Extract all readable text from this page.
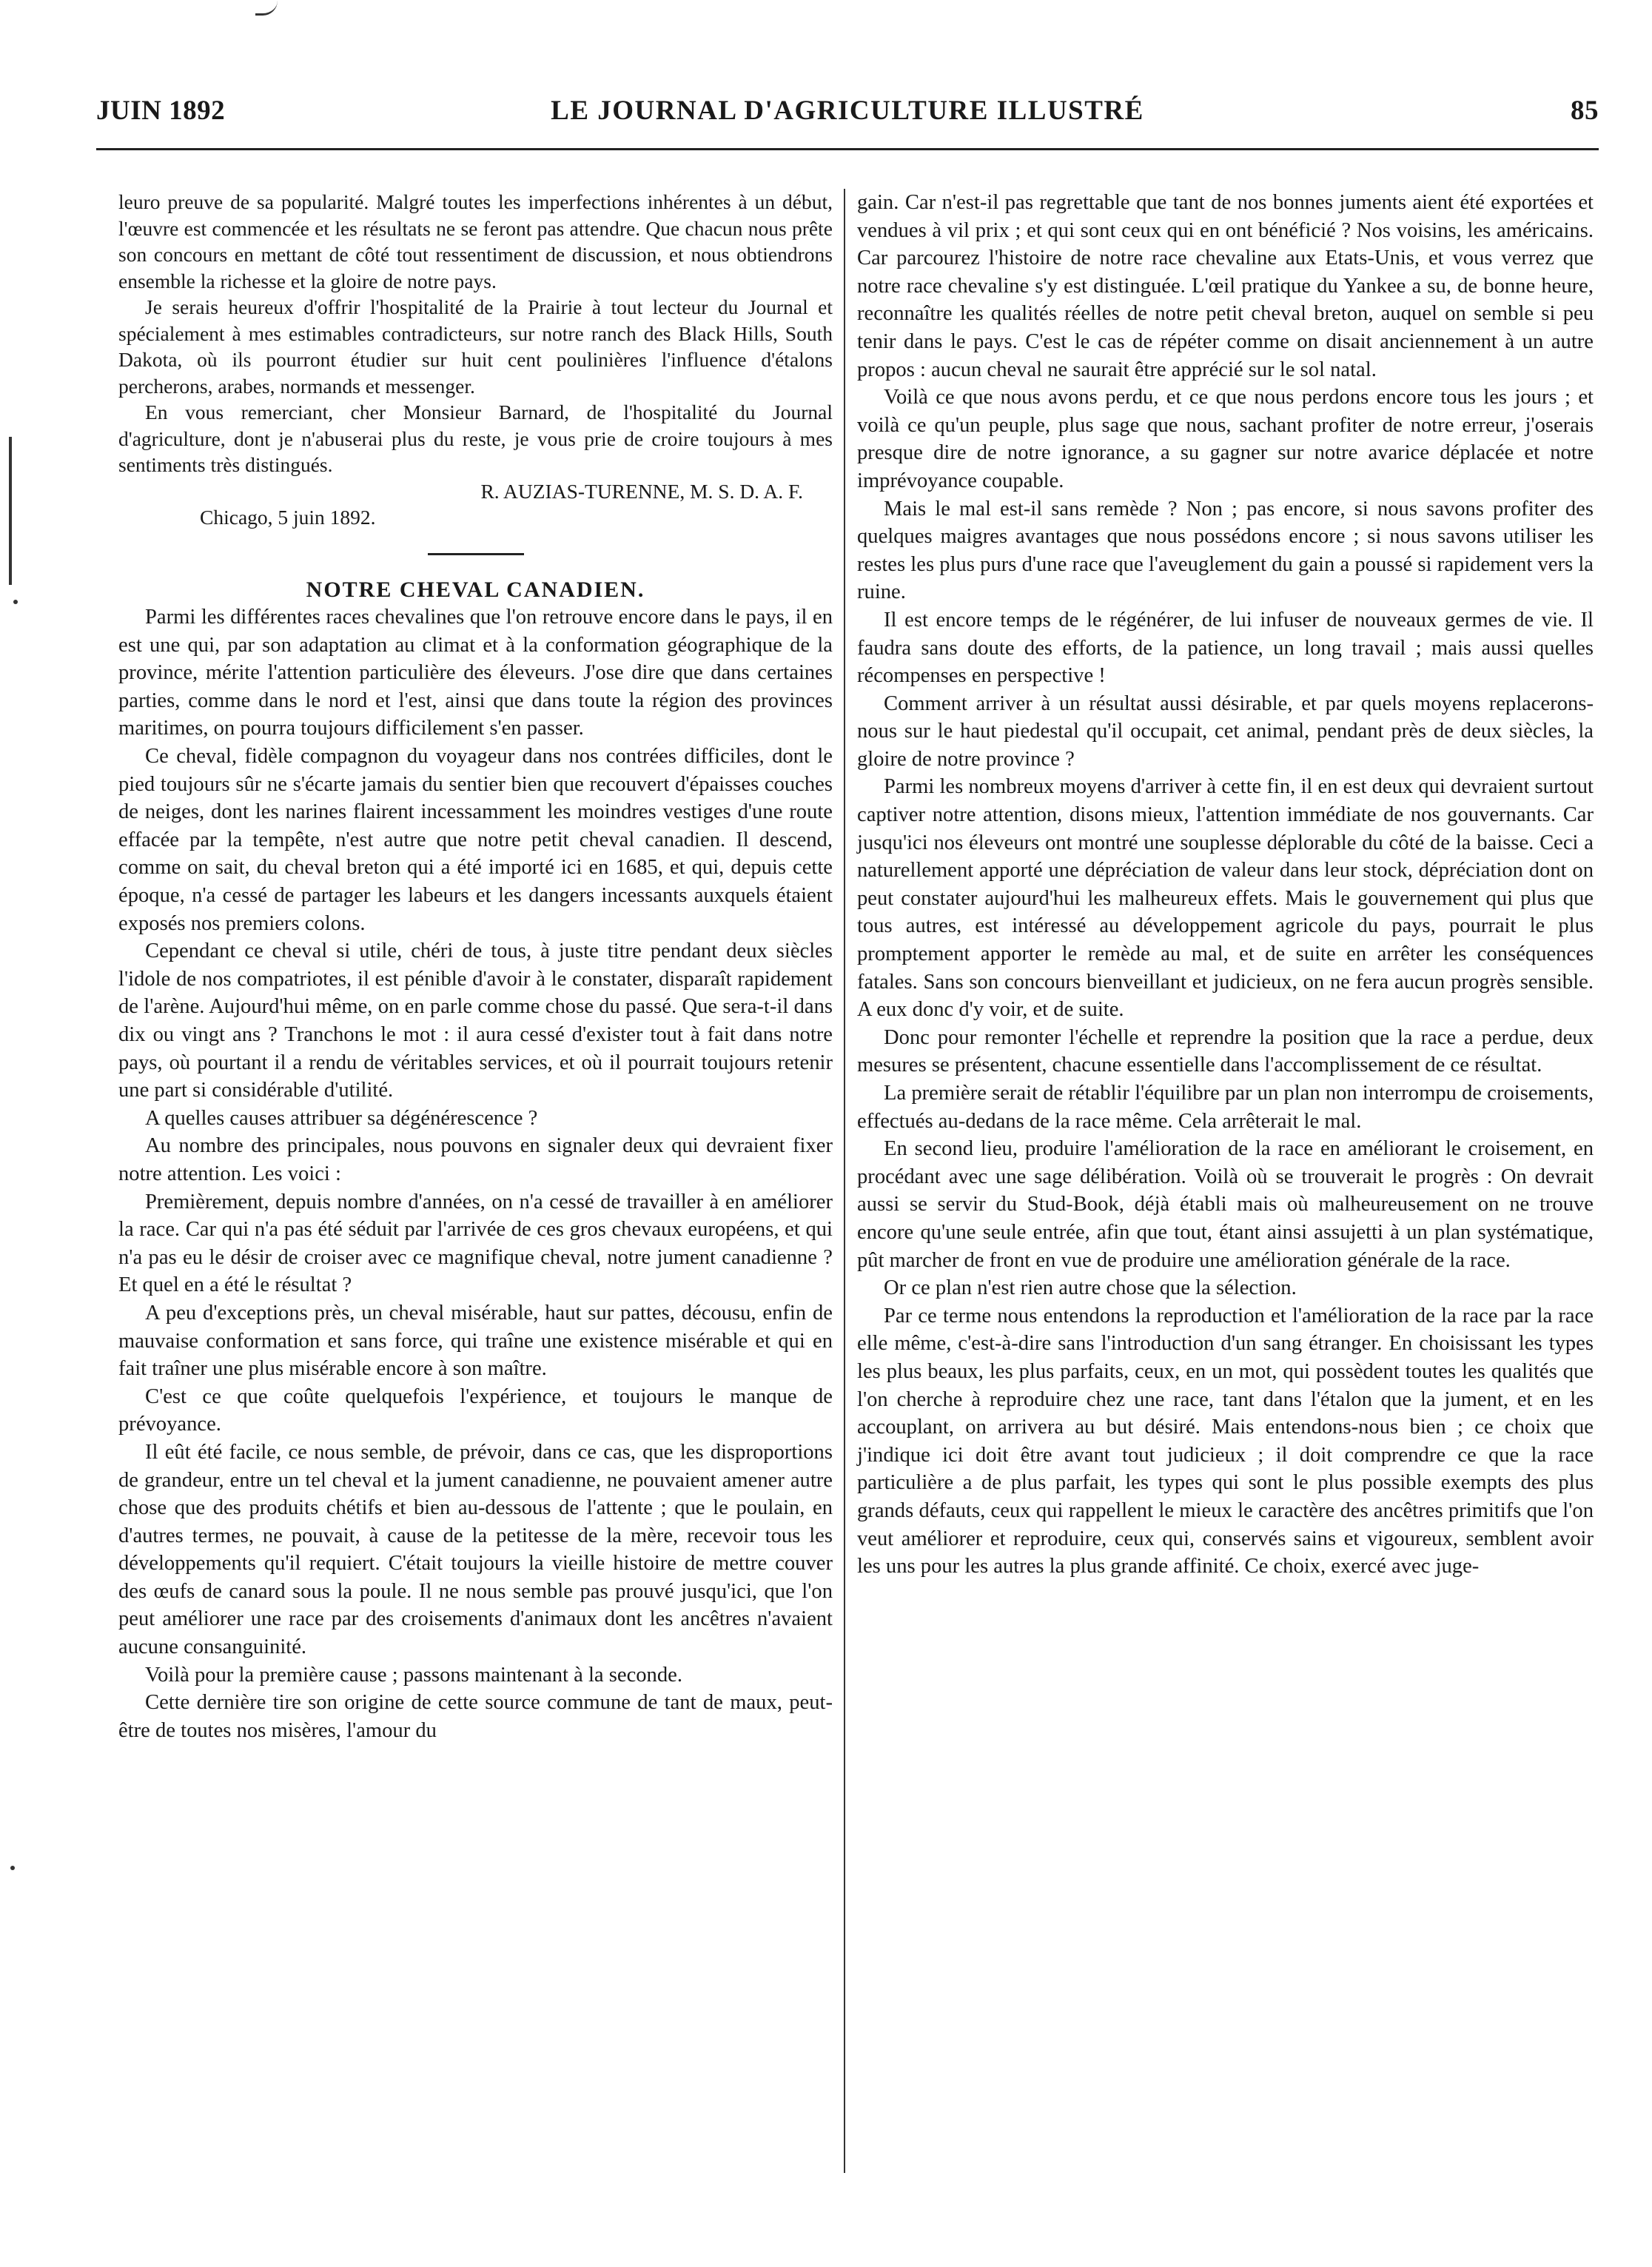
JUIN 1892	LE JOURNAL D'AGRICULTURE ILLUSTRÉ	85

leuro preuve de sa popularité. Malgré toutes les imperfections inhérentes à un début, l'œuvre est commencée et les résultats ne se feront pas attendre. Que chacun nous prête son concours en mettant de côté tout ressentiment de discussion, et nous obtiendrons ensemble la richesse et la gloire de notre pays.

Je serais heureux d'offrir l'hospitalité de la Prairie à tout lecteur du Journal et spécialement à mes estimables contradicteurs, sur notre ranch des Black Hills, South Dakota, où ils pourront étudier sur huit cent poulinières l'influence d'étalons percherons, arabes, normands et messenger.

En vous remerciant, cher Monsieur Barnard, de l'hospitalité du Journal d'agriculture, dont je n'abuserai plus du reste, je vous prie de croire toujours à mes sentiments très distingués.

R. AUZIAS-TURENNE, M. S. D. A. F.

Chicago, 5 juin 1892.

NOTRE CHEVAL CANADIEN.

Parmi les différentes races chevalines que l'on retrouve encore dans le pays, il en est une qui, par son adaptation au climat et à la conformation géographique de la province, mérite l'attention particulière des éleveurs. J'ose dire que dans certaines parties, comme dans le nord et l'est, ainsi que dans toute la région des provinces maritimes, on pourra toujours difficilement s'en passer.

Ce cheval, fidèle compagnon du voyageur dans nos contrées difficiles, dont le pied toujours sûr ne s'écarte jamais du sentier bien que recouvert d'épaisses couches de neiges, dont les narines flairent incessamment les moindres vestiges d'une route effacée par la tempête, n'est autre que notre petit cheval canadien. Il descend, comme on sait, du cheval breton qui a été importé ici en 1685, et qui, depuis cette époque, n'a cessé de partager les labeurs et les dangers incessants auxquels étaient exposés nos premiers colons.

Cependant ce cheval si utile, chéri de tous, à juste titre pendant deux siècles l'idole de nos compatriotes, il est pénible d'avoir à le constater, disparaît rapidement de l'arène. Aujourd'hui même, on en parle comme chose du passé. Que sera-t-il dans dix ou vingt ans ? Tranchons le mot : il aura cessé d'exister tout à fait dans notre pays, où pourtant il a rendu de véritables services, et où il pourrait toujours retenir une part si considérable d'utilité.

A quelles causes attribuer sa dégénérescence ?

Au nombre des principales, nous pouvons en signaler deux qui devraient fixer notre attention. Les voici :

Premièrement, depuis nombre d'années, on n'a cessé de travailler à en améliorer la race. Car qui n'a pas été séduit par l'arrivée de ces gros chevaux européens, et qui n'a pas eu le désir de croiser avec ce magnifique cheval, notre jument canadienne ? Et quel en a été le résultat ?

A peu d'exceptions près, un cheval misérable, haut sur pattes, décousu, enfin de mauvaise conformation et sans force, qui traîne une existence misérable et qui en fait traîner une plus misérable encore à son maître.

C'est ce que coûte quelquefois l'expérience, et toujours le manque de prévoyance.

Il eût été facile, ce nous semble, de prévoir, dans ce cas, que les disproportions de grandeur, entre un tel cheval et la jument canadienne, ne pouvaient amener autre chose que des produits chétifs et bien au-dessous de l'attente ; que le poulain, en d'autres termes, ne pouvait, à cause de la petitesse de la mère, recevoir tous les développements qu'il requiert. C'était toujours la vieille histoire de mettre couver des œufs de canard sous la poule. Il ne nous semble pas prouvé jusqu'ici, que l'on peut améliorer une race par des croisements d'animaux dont les ancêtres n'avaient aucune consanguinité.

Voilà pour la première cause ; passons maintenant à la seconde.

Cette dernière tire son origine de cette source commune de tant de maux, peut-être de toutes nos misères, l'amour du

gain. Car n'est-il pas regrettable que tant de nos bonnes juments aient été exportées et vendues à vil prix ; et qui sont ceux qui en ont bénéficié ? Nos voisins, les américains. Car parcourez l'histoire de notre race chevaline aux Etats-Unis, et vous verrez que notre race chevaline s'y est distinguée. L'œil pratique du Yankee a su, de bonne heure, reconnaître les qualités réelles de notre petit cheval breton, auquel on semble si peu tenir dans le pays. C'est le cas de répéter comme on disait anciennement à un autre propos : aucun cheval ne saurait être apprécié sur le sol natal.

Voilà ce que nous avons perdu, et ce que nous perdons encore tous les jours ; et voilà ce qu'un peuple, plus sage que nous, sachant profiter de notre erreur, j'oserais presque dire de notre ignorance, a su gagner sur notre avarice déplacée et notre imprévoyance coupable.

Mais le mal est-il sans remède ? Non ; pas encore, si nous savons profiter des quelques maigres avantages que nous possédons encore ; si nous savons utiliser les restes les plus purs d'une race que l'aveuglement du gain a poussé si rapidement vers la ruine.

Il est encore temps de le régénérer, de lui infuser de nouveaux germes de vie. Il faudra sans doute des efforts, de la patience, un long travail ; mais aussi quelles récompenses en perspective !

Comment arriver à un résultat aussi désirable, et par quels moyens replacerons-nous sur le haut piedestal qu'il occupait, cet animal, pendant près de deux siècles, la gloire de notre province ?

Parmi les nombreux moyens d'arriver à cette fin, il en est deux qui devraient surtout captiver notre attention, disons mieux, l'attention immédiate de nos gouvernants. Car jusqu'ici nos éleveurs ont montré une souplesse déplorable du côté de la baisse. Ceci a naturellement apporté une dépréciation de valeur dans leur stock, dépréciation dont on peut constater aujourd'hui les malheureux effets. Mais le gouvernement qui plus que tous autres, est intéressé au développement agricole du pays, pourrait le plus promptement apporter le remède au mal, et de suite en arrêter les conséquences fatales. Sans son concours bienveillant et judicieux, on ne fera aucun progrès sensible. A eux donc d'y voir, et de suite.

Donc pour remonter l'échelle et reprendre la position que la race a perdue, deux mesures se présentent, chacune essentielle dans l'accomplissement de ce résultat.

La première serait de rétablir l'équilibre par un plan non interrompu de croisements, effectués au-dedans de la race même. Cela arrêterait le mal.

En second lieu, produire l'amélioration de la race en améliorant le croisement, en procédant avec une sage délibération. Voilà où se trouverait le progrès : On devrait aussi se servir du Stud-Book, déjà établi mais où malheureusement on ne trouve encore qu'une seule entrée, afin que tout, étant ainsi assujetti à un plan systématique, pût marcher de front en vue de produire une amélioration générale de la race.

Or ce plan n'est rien autre chose que la sélection.

Par ce terme nous entendons la reproduction et l'amélioration de la race par la race elle même, c'est-à-dire sans l'introduction d'un sang étranger. En choisissant les types les plus beaux, les plus parfaits, ceux, en un mot, qui possèdent toutes les qualités que l'on cherche à reproduire chez une race, tant dans l'étalon que la jument, et en les accouplant, on arrivera au but désiré. Mais entendons-nous bien ; ce choix que j'indique ici doit être avant tout judicieux ; il doit comprendre ce que la race particulière a de plus parfait, les types qui sont le plus possible exempts des plus grands défauts, ceux qui rappellent le mieux le caractère des ancêtres primitifs que l'on veut améliorer et reproduire, ceux qui, conservés sains et vigoureux, semblent avoir les uns pour les autres la plus grande affinité. Ce choix, exercé avec juge-
